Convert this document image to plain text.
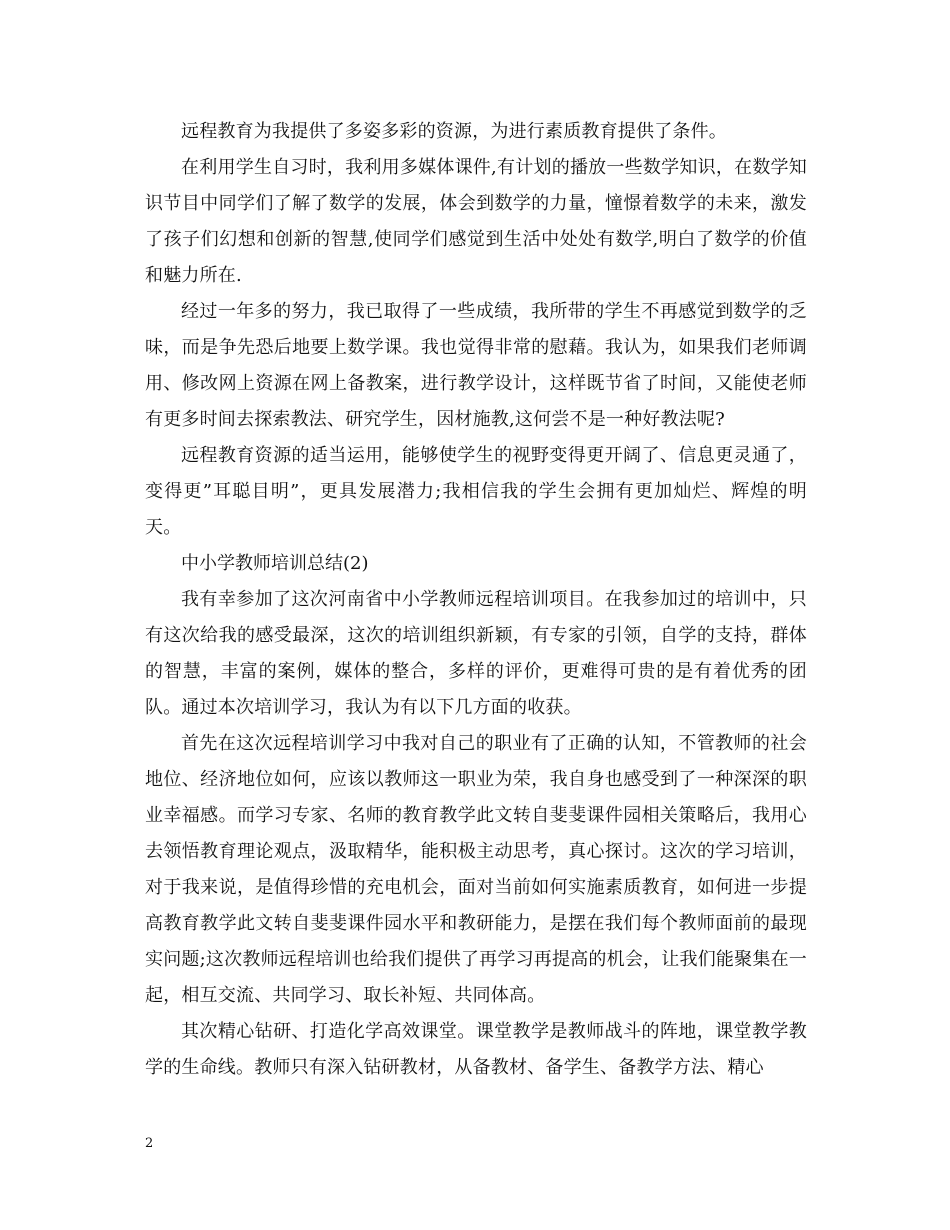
远程教育为我提供了多姿多彩的资源，为进行素质教育提供了条件。

在利用学生自习时，我利用多媒体课件,有计划的播放一些数学知识，在数学知识节目中同学们了解了数学的发展，体会到数学的力量，憧憬着数学的未来，激发了孩子们幻想和创新的智慧,使同学们感觉到生活中处处有数学,明白了数学的价值和魅力所在.

经过一年多的努力，我已取得了一些成绩，我所带的学生不再感觉到数学的乏味，而是争先恐后地要上数学课。我也觉得非常的慰藉。我认为，如果我们老师调用、修改网上资源在网上备教案，进行教学设计，这样既节省了时间，又能使老师有更多时间去探索教法、研究学生，因材施教,这何尝不是一种好教法呢?

远程教育资源的适当运用，能够使学生的视野变得更开阔了、信息更灵通了，变得更”耳聪目明”，更具发展潜力;我相信我的学生会拥有更加灿烂、辉煌的明天。

中小学教师培训总结(2)

我有幸参加了这次河南省中小学教师远程培训项目。在我参加过的培训中，只有这次给我的感受最深，这次的培训组织新颖，有专家的引领，自学的支持，群体的智慧，丰富的案例，媒体的整合，多样的评价，更难得可贵的是有着优秀的团队。通过本次培训学习，我认为有以下几方面的收获。

首先在这次远程培训学习中我对自己的职业有了正确的认知，不管教师的社会地位、经济地位如何，应该以教师这一职业为荣，我自身也感受到了一种深深的职业幸福感。而学习专家、名师的教育教学此文转自斐斐课件园相关策略后，我用心去领悟教育理论观点，汲取精华，能积极主动思考，真心探讨。这次的学习培训，对于我来说，是值得珍惜的充电机会，面对当前如何实施素质教育，如何进一步提高教育教学此文转自斐斐课件园水平和教研能力，是摆在我们每个教师面前的最现实问题;这次教师远程培训也给我们提供了再学习再提高的机会，让我们能聚集在一起，相互交流、共同学习、取长补短、共同体高。

其次精心钻研、打造化学高效课堂。课堂教学是教师战斗的阵地，课堂教学教学的生命线。教师只有深入钻研教材，从备教材、备学生、备教学方法、精心

2
